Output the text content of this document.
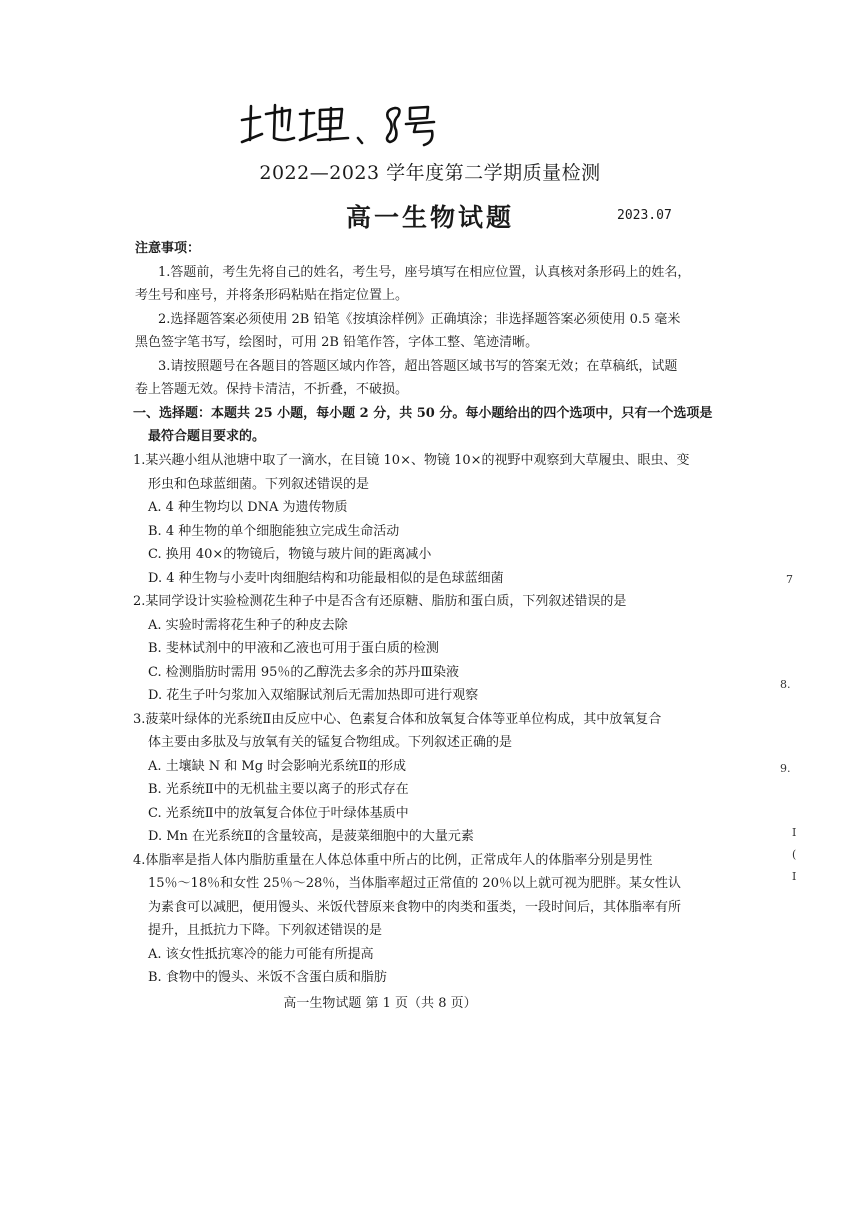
2022—2023 学年度第二学期质量检测
高一生物试题	2023.07
注意事项：
1.答题前，考生先将自己的姓名，考生号，座号填写在相应位置，认真核对条形码上的姓名，
考生号和座号，并将条形码粘贴在指定位置上。
2.选择题答案必须使用 2B 铅笔《按填涂样例》正确填涂；非选择题答案必须使用 0.5 毫米
黑色签字笔书写，绘图时，可用 2B 铅笔作答，字体工整、笔迹清晰。
3.请按照题号在各题目的答题区域内作答，超出答题区域书写的答案无效；在草稿纸，试题
卷上答题无效。保持卡清洁，不折叠，不破损。
一、选择题：本题共 25 小题，每小题 2 分，共 50 分。每小题给出的四个选项中，只有一个选项是
最符合题目要求的。
1.某兴趣小组从池塘中取了一滴水，在目镜 10×、物镜 10×的视野中观察到大草履虫、眼虫、变
形虫和色球蓝细菌。下列叙述错误的是
A. 4 种生物均以 DNA 为遗传物质
B. 4 种生物的单个细胞能独立完成生命活动
C. 换用 40×的物镜后，物镜与玻片间的距离减小
D. 4 种生物与小麦叶肉细胞结构和功能最相似的是色球蓝细菌
2.某同学设计实验检测花生种子中是否含有还原糖、脂肪和蛋白质，下列叙述错误的是
A. 实验时需将花生种子的种皮去除
B. 斐林试剂中的甲液和乙液也可用于蛋白质的检测
C. 检测脂肪时需用 95％的乙醇洗去多余的苏丹Ⅲ染液
D. 花生子叶匀浆加入双缩脲试剂后无需加热即可进行观察
3.菠菜叶绿体的光系统Ⅱ由反应中心、色素复合体和放氧复合体等亚单位构成，其中放氧复合
体主要由多肽及与放氧有关的锰复合物组成。下列叙述正确的是
A. 土壤缺 N 和 Mg 时会影响光系统Ⅱ的形成
B. 光系统Ⅱ中的无机盐主要以离子的形式存在
C. 光系统Ⅱ中的放氧复合体位于叶绿体基质中
D. Mn 在光系统Ⅱ的含量较高，是菠菜细胞中的大量元素
4.体脂率是指人体内脂肪重量在人体总体重中所占的比例，正常成年人的体脂率分别是男性
15％～18％和女性 25％～28％，当体脂率超过正常值的 20％以上就可视为肥胖。某女性认
为素食可以减肥，便用馒头、米饭代替原来食物中的肉类和蛋类，一段时间后，其体脂率有所
提升，且抵抗力下降。下列叙述错误的是
A. 该女性抵抗寒冷的能力可能有所提高
B. 食物中的馒头、米饭不含蛋白质和脂肪
高一生物试题 第 1 页（共 8 页）
7
8.
9.
I
(
I
